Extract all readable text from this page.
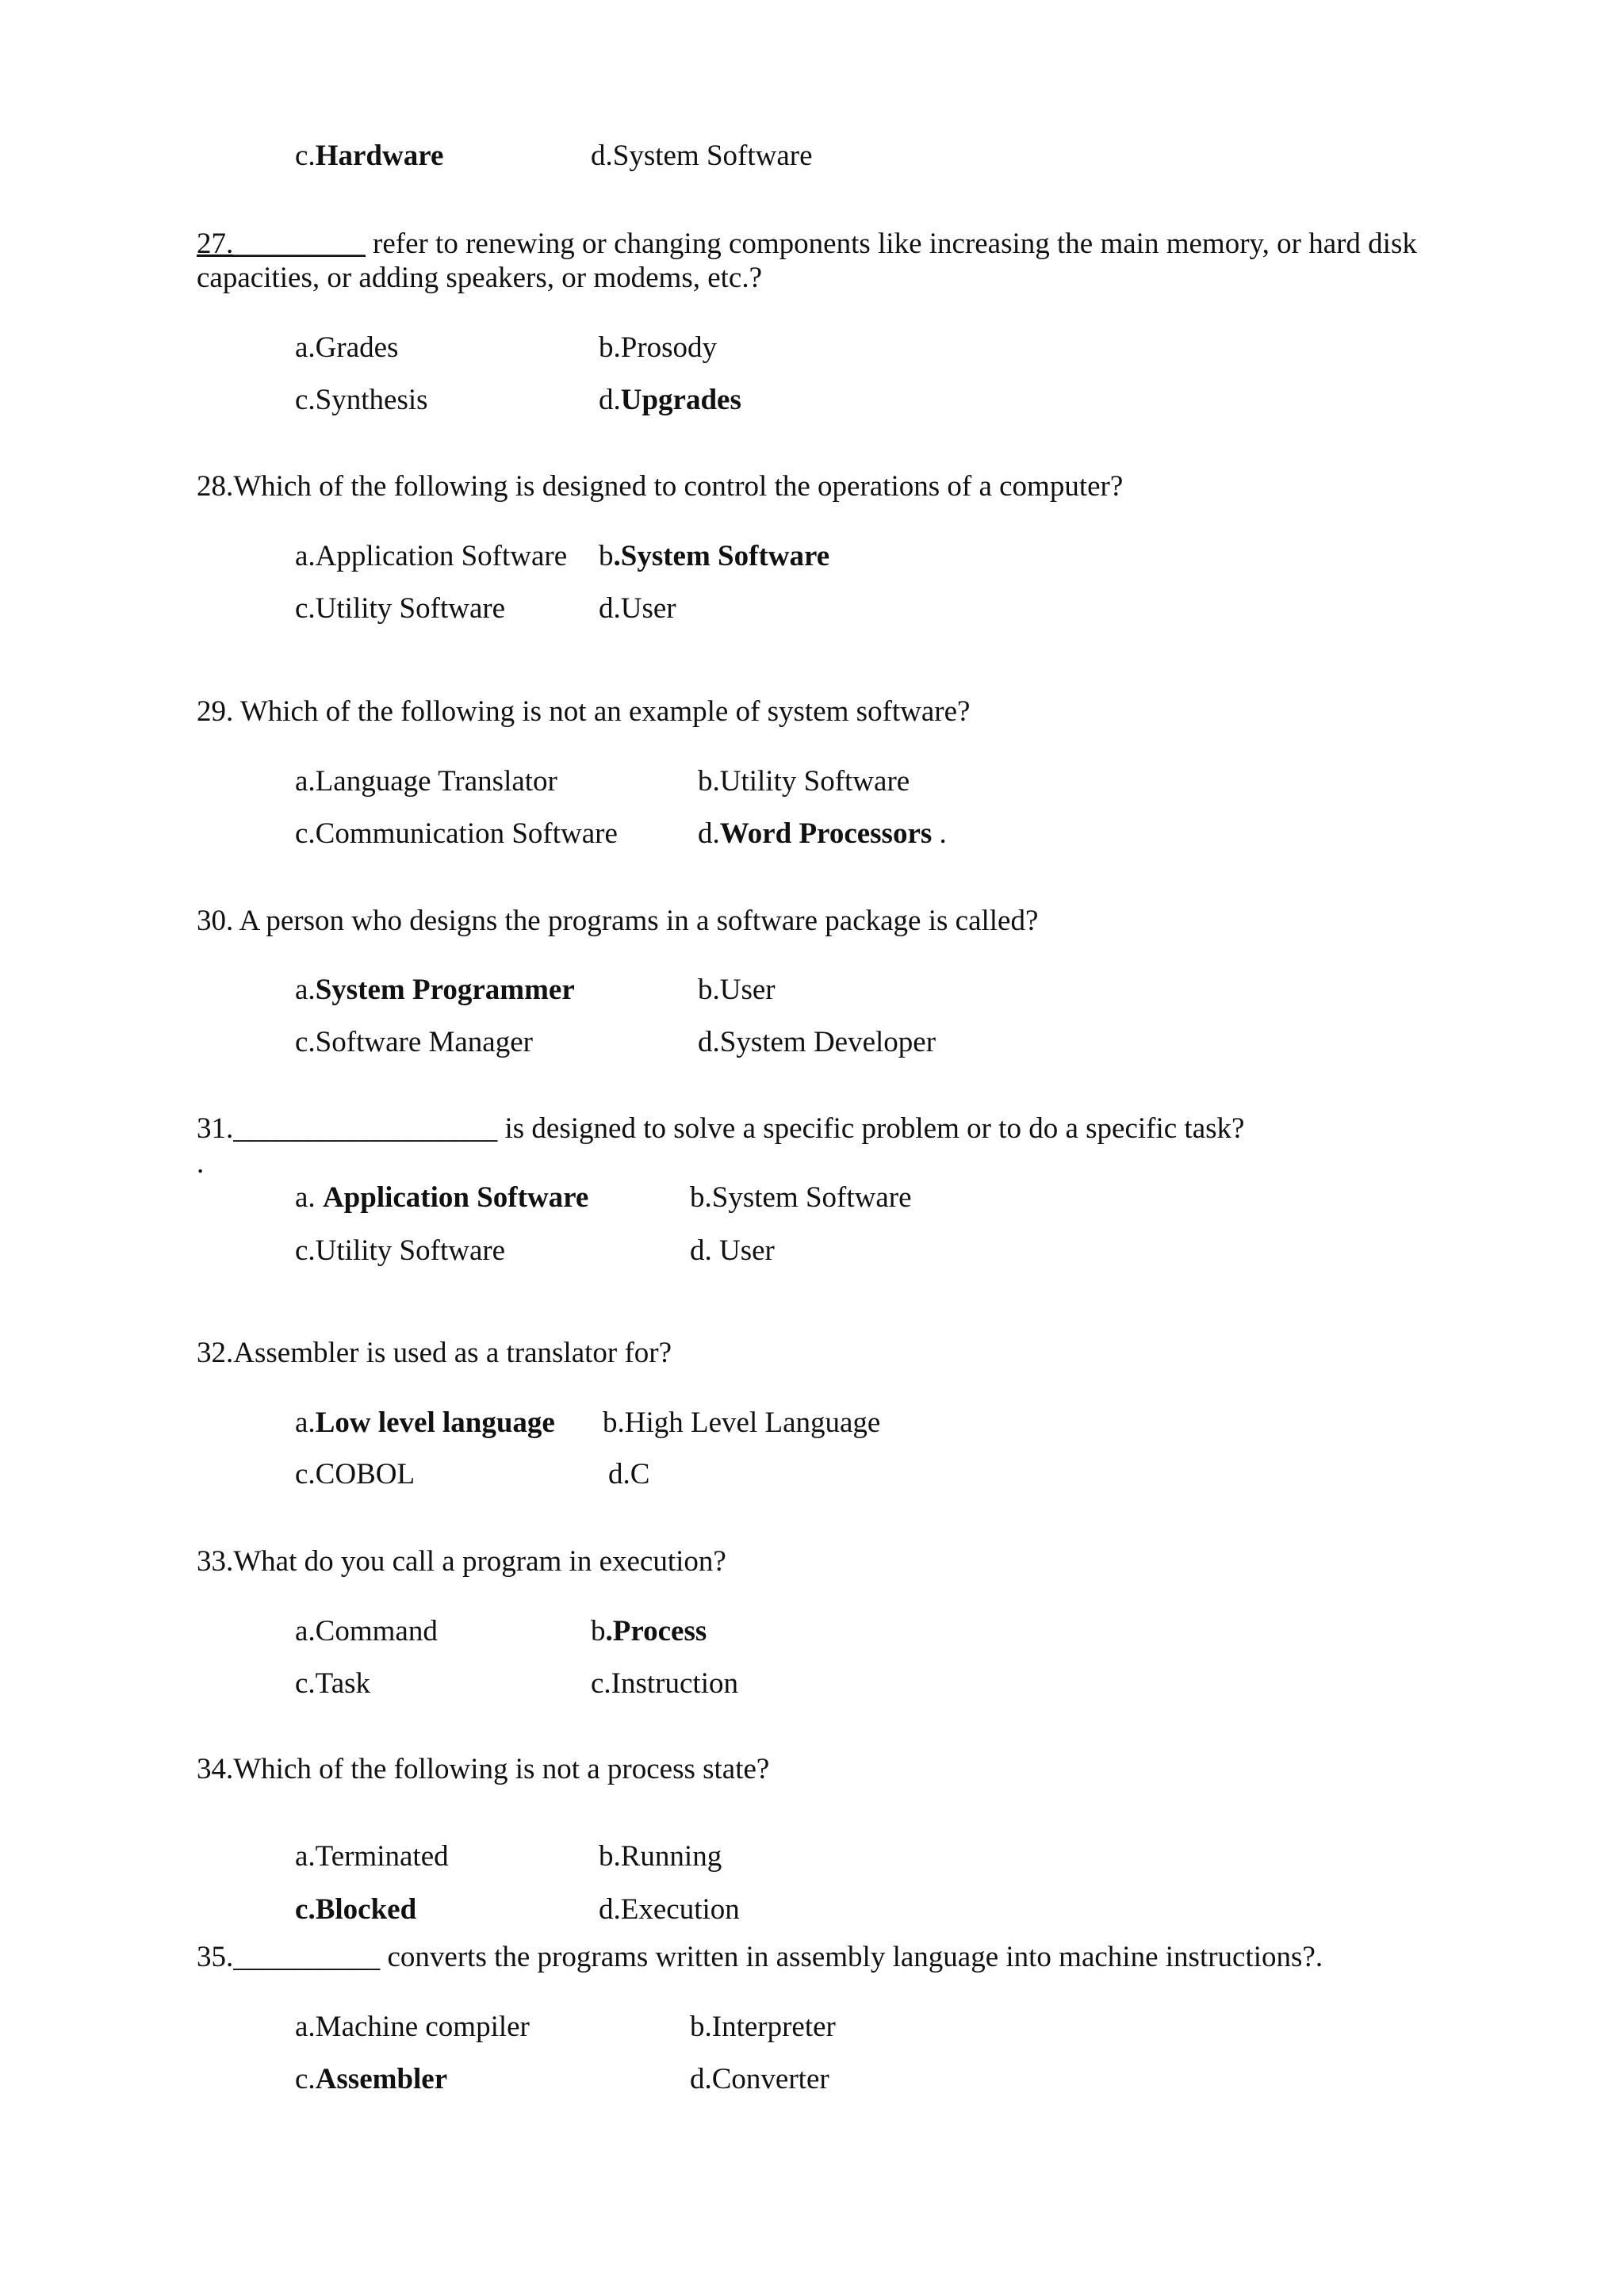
c.Hardware	d.System Software
27._________ refer to renewing or changing components like increasing the main memory, or hard disk
capacities, or adding speakers, or modems, etc.?
a.Grades	b.Prosody
c.Synthesis	d.Upgrades
28.Which of the following is designed to control the operations of a computer?
a.Application Software b.System Software
c.Utility Software	d.User
29. Which of the following is not an example of system software?
a.Language Translator	b.Utility Software
c.Communication Software	d.Word Processors .
30. A person who designs the programs in a software package is called?
a.System Programmer	b.User
c.Software Manager	d.System Developer
31.__________________ is designed to solve a specific problem or to do a specific task?
.
a. Application Software	b.System Software
c.Utility Software	d. User
32.Assembler is used as a translator for?
a.Low level language b.High Level Language
c.COBOL	d.C
33.What do you call a program in execution?
a.Command	b.Process
c.Task	c.Instruction
34.Which of the following is not a process state?
a.Terminated	b.Running
c.Blocked	d.Execution
35.__________ converts the programs written in assembly language into machine instructions?.
a.Machine compiler	b.Interpreter
c.Assembler	d.Converter
